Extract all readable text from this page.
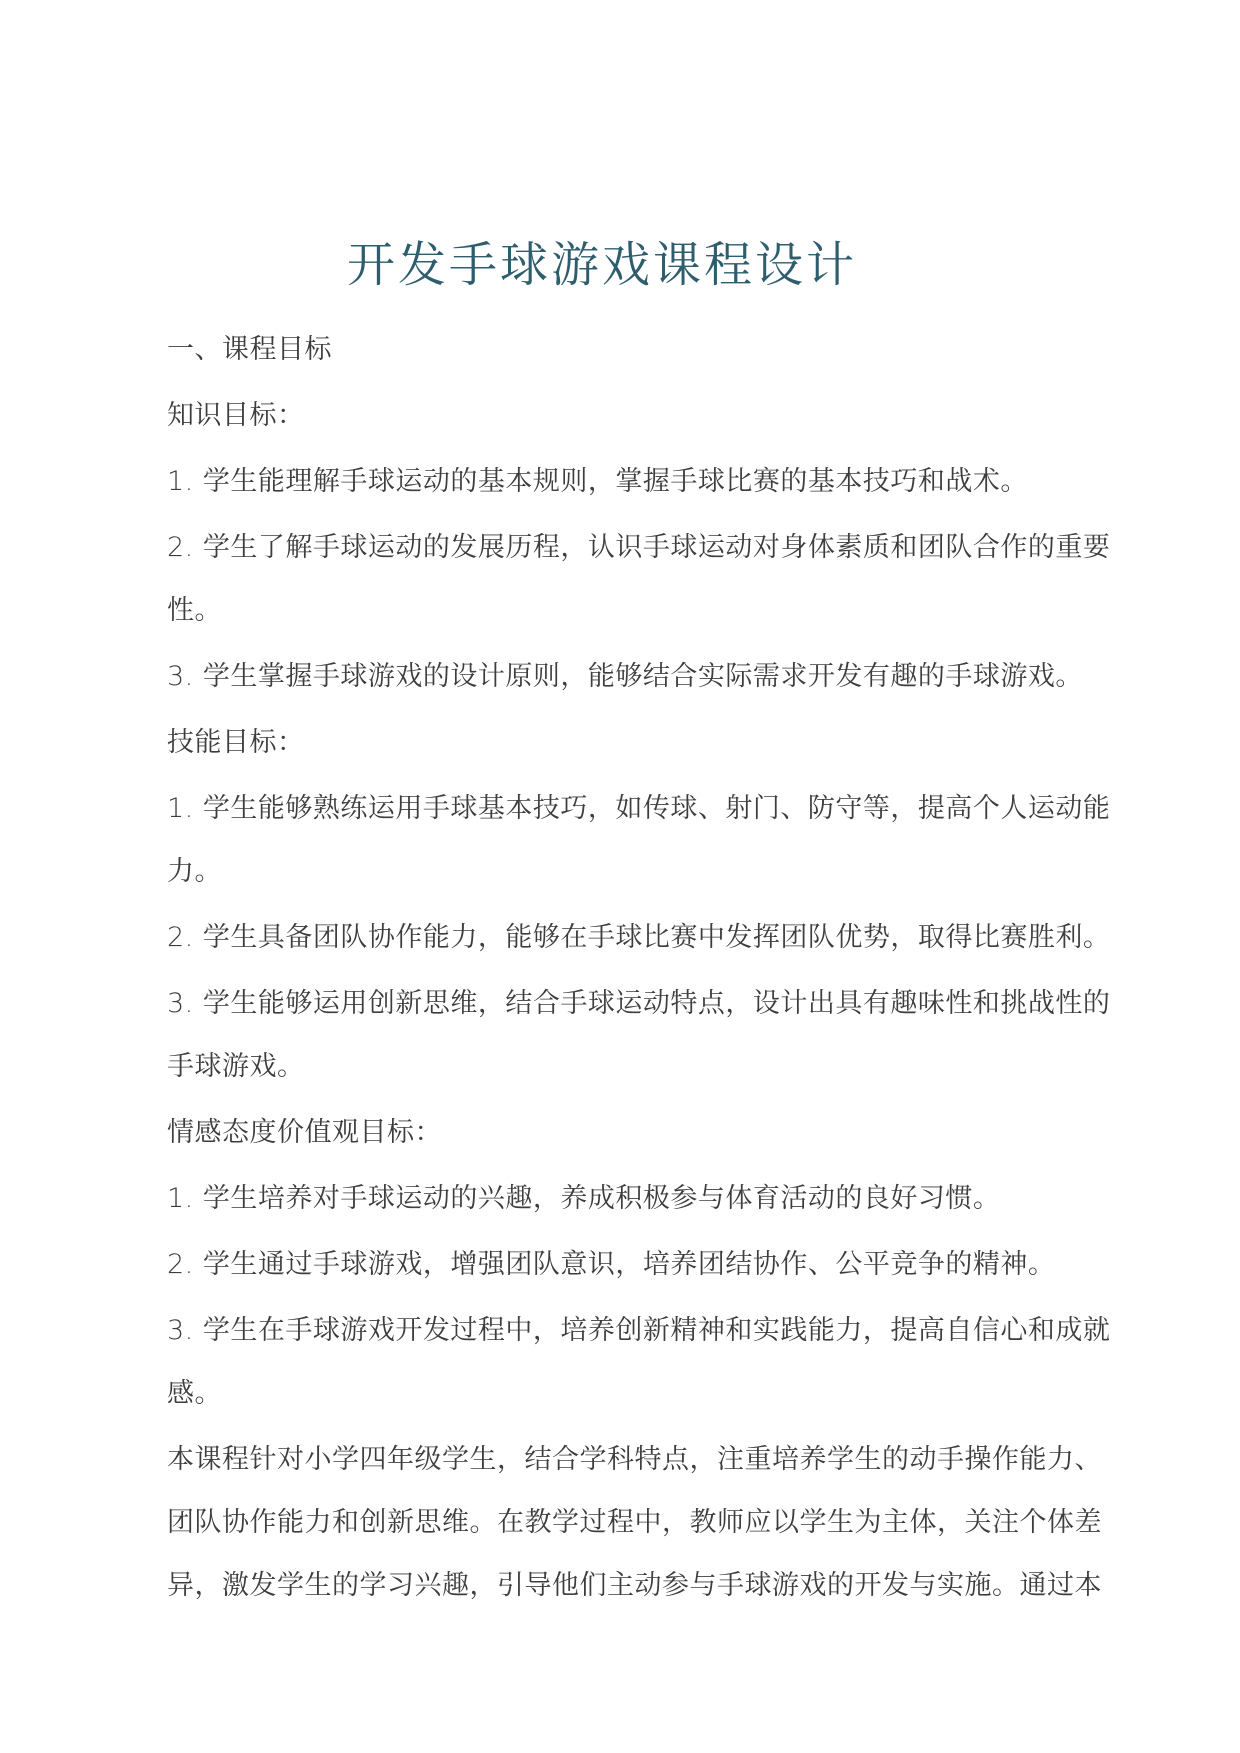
开发手球游戏课程设计
一、课程目标
知识目标：
1. 学生能理解手球运动的基本规则，掌握手球比赛的基本技巧和战术。
2. 学生了解手球运动的发展历程，认识手球运动对身体素质和团队合作的重要
性。
3. 学生掌握手球游戏的设计原则，能够结合实际需求开发有趣的手球游戏。
技能目标：
1. 学生能够熟练运用手球基本技巧，如传球、射门、防守等，提高个人运动能
力。
2. 学生具备团队协作能力，能够在手球比赛中发挥团队优势，取得比赛胜利。
3. 学生能够运用创新思维，结合手球运动特点，设计出具有趣味性和挑战性的
手球游戏。
情感态度价值观目标：
1. 学生培养对手球运动的兴趣，养成积极参与体育活动的良好习惯。
2. 学生通过手球游戏，增强团队意识，培养团结协作、公平竞争的精神。
3. 学生在手球游戏开发过程中，培养创新精神和实践能力，提高自信心和成就
感。
本课程针对小学四年级学生，结合学科特点，注重培养学生的动手操作能力、
团队协作能力和创新思维。在教学过程中，教师应以学生为主体，关注个体差
异，激发学生的学习兴趣，引导他们主动参与手球游戏的开发与实施。通过本
